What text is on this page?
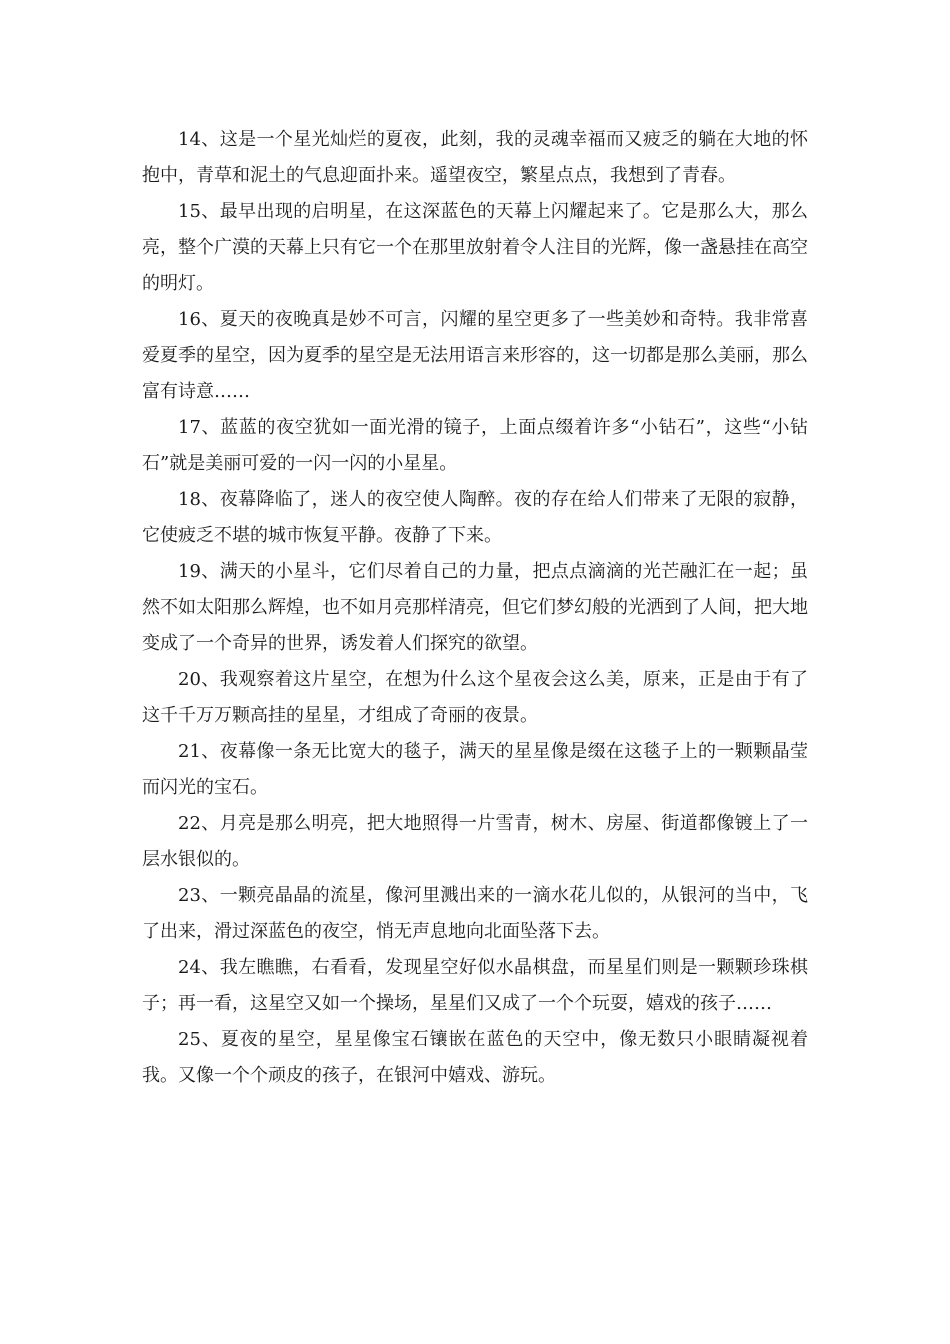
14、这是一个星光灿烂的夏夜，此刻，我的灵魂幸福而又疲乏的躺在大地的怀抱中，青草和泥土的气息迎面扑来。遥望夜空，繁星点点，我想到了青春。

15、最早出现的启明星，在这深蓝色的天幕上闪耀起来了。它是那么大，那么亮，整个广漠的天幕上只有它一个在那里放射着令人注目的光辉，像一盏悬挂在高空的明灯。

16、夏天的夜晚真是妙不可言，闪耀的星空更多了一些美妙和奇特。我非常喜爱夏季的星空，因为夏季的星空是无法用语言来形容的，这一切都是那么美丽，那么富有诗意……

17、蓝蓝的夜空犹如一面光滑的镜子，上面点缀着许多“小钻石”，这些“小钻石”就是美丽可爱的一闪一闪的小星星。

18、夜幕降临了，迷人的夜空使人陶醉。夜的存在给人们带来了无限的寂静，它使疲乏不堪的城市恢复平静。夜静了下来。

19、满天的小星斗，它们尽着自己的力量，把点点滴滴的光芒融汇在一起；虽然不如太阳那么辉煌，也不如月亮那样清亮，但它们梦幻般的光洒到了人间，把大地变成了一个奇异的世界，诱发着人们探究的欲望。

20、我观察着这片星空，在想为什么这个星夜会这么美，原来，正是由于有了这千千万万颗高挂的星星，才组成了奇丽的夜景。

21、夜幕像一条无比宽大的毯子，满天的星星像是缀在这毯子上的一颗颗晶莹而闪光的宝石。

22、月亮是那么明亮，把大地照得一片雪青，树木、房屋、街道都像镀上了一层水银似的。

23、一颗亮晶晶的流星，像河里溅出来的一滴水花儿似的，从银河的当中，飞了出来，滑过深蓝色的夜空，悄无声息地向北面坠落下去。

24、我左瞧瞧，右看看，发现星空好似水晶棋盘，而星星们则是一颗颗珍珠棋子；再一看，这星空又如一个操场，星星们又成了一个个玩耍，嬉戏的孩子……

25、夏夜的星空，星星像宝石镶嵌在蓝色的天空中，像无数只小眼睛凝视着我。又像一个个顽皮的孩子，在银河中嬉戏、游玩。
